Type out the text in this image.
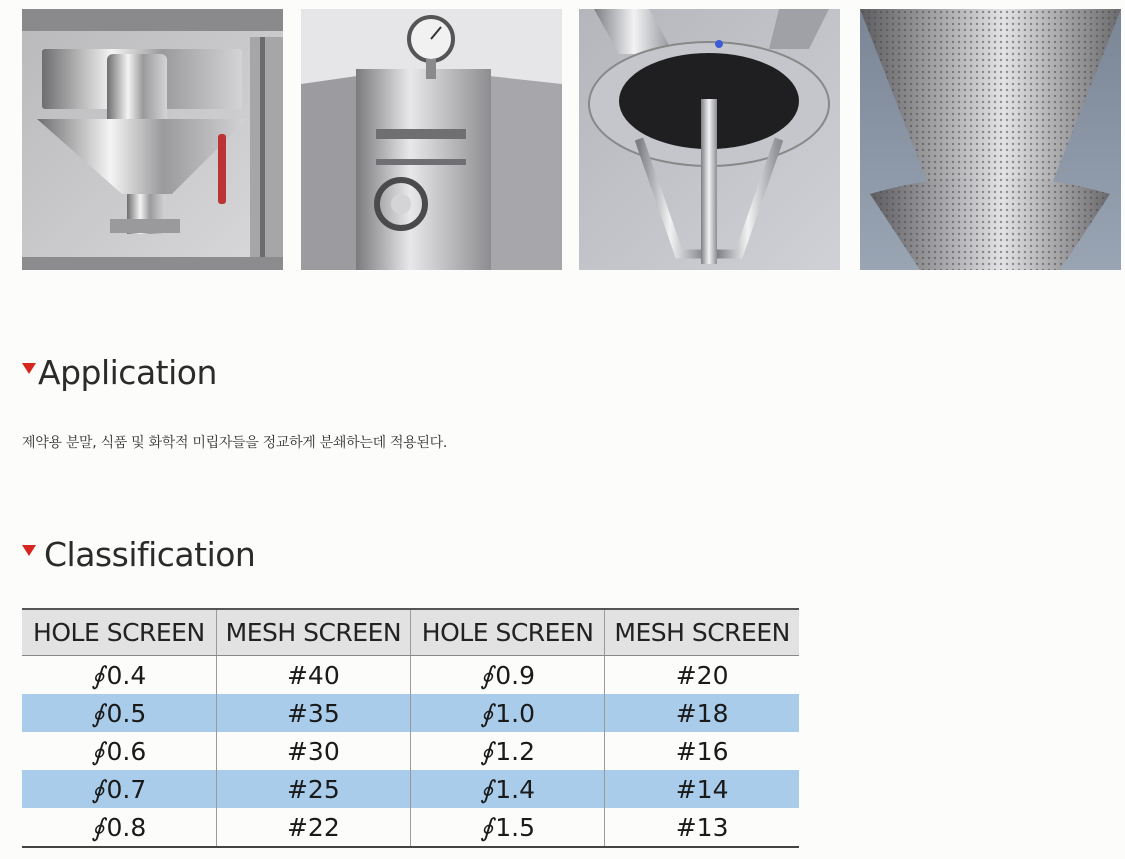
Application
제약용 분말, 식품 및 화학적 미립자들을 정교하게 분쇄하는데 적용된다.
Classification
HOLE SCREEN	MESH SCREEN	HOLE SCREEN	MESH SCREEN
∮0.4	#40	∮0.9	#20
∮0.5	#35	∮1.0	#18
∮0.6	#30	∮1.2	#16
∮0.7	#25	∮1.4	#14
∮0.8	#22	∮1.5	#13
